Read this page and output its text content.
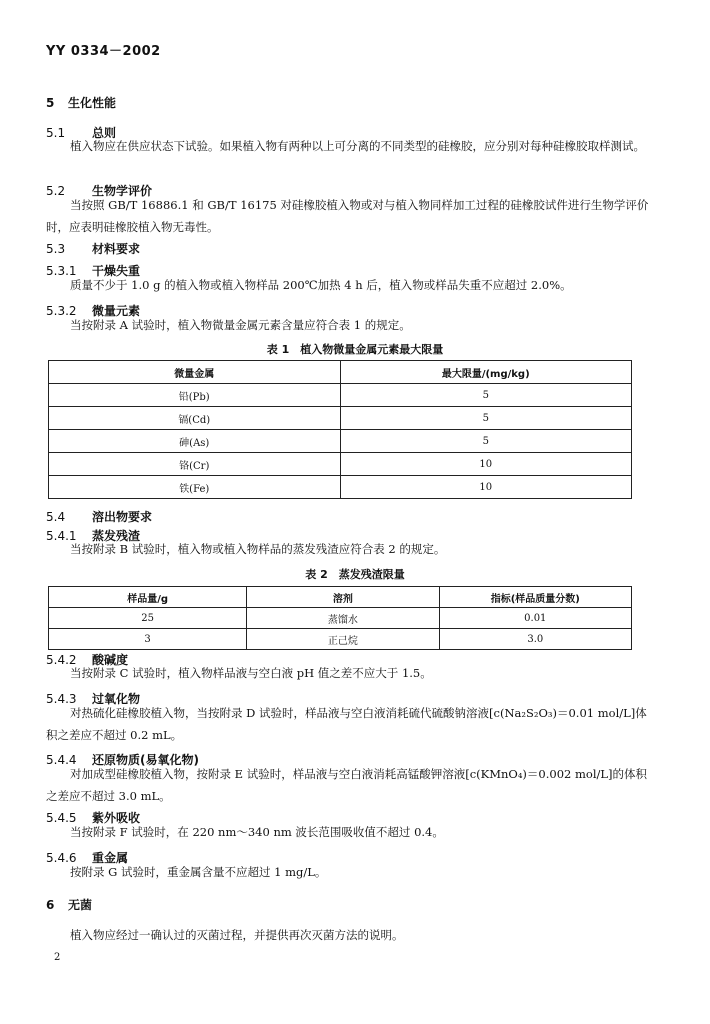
YY 0334－2002
5 生化性能
5.1 总则
植入物应在供应状态下试验。如果植入物有两种以上可分离的不同类型的硅橡胶，应分别对每种硅橡胶取样测试。
5.2 生物学评价
当按照 GB/T 16886.1 和 GB/T 16175 对硅橡胶植入物或对与植入物同样加工过程的硅橡胶试件进行生物学评价时，应表明硅橡胶植入物无毒性。
5.3 材料要求
5.3.1 干燥失重
质量不少于 1.0 g 的植入物或植入物样品 200℃加热 4 h 后，植入物或样品失重不应超过 2.0%。
5.3.2 微量元素
当按附录 A 试验时，植入物微量金属元素含量应符合表 1 的规定。
表 1　植入物微量金属元素最大限量
微量金属	最大限量/(mg/kg)
铅(Pb)	5
镉(Cd)	5
砷(As)	5
铬(Cr)	10
铁(Fe)	10
5.4 溶出物要求
5.4.1 蒸发残渣
当按附录 B 试验时，植入物或植入物样品的蒸发残渣应符合表 2 的规定。
表 2　蒸发残渣限量
样品量/g	溶剂	指标(样品质量分数)
25	蒸馏水	0.01
3	正己烷	3.0
5.4.2 酸碱度
当按附录 C 试验时，植入物样品液与空白液 pH 值之差不应大于 1.5。
5.4.3 过氧化物
对热硫化硅橡胶植入物，当按附录 D 试验时，样品液与空白液消耗硫代硫酸钠溶液[c(Na₂S₂O₃)＝0.01 mol/L]体积之差应不超过 0.2 mL。
5.4.4 还原物质(易氧化物)
对加成型硅橡胶植入物，按附录 E 试验时，样品液与空白液消耗高锰酸钾溶液[c(KMnO₄)＝0.002 mol/L]的体积之差应不超过 3.0 mL。
5.4.5 紫外吸收
当按附录 F 试验时，在 220 nm～340 nm 波长范围吸收值不超过 0.4。
5.4.6 重金属
按附录 G 试验时，重金属含量不应超过 1 mg/L。
6 无菌
植入物应经过一确认过的灭菌过程，并提供再次灭菌方法的说明。
2
